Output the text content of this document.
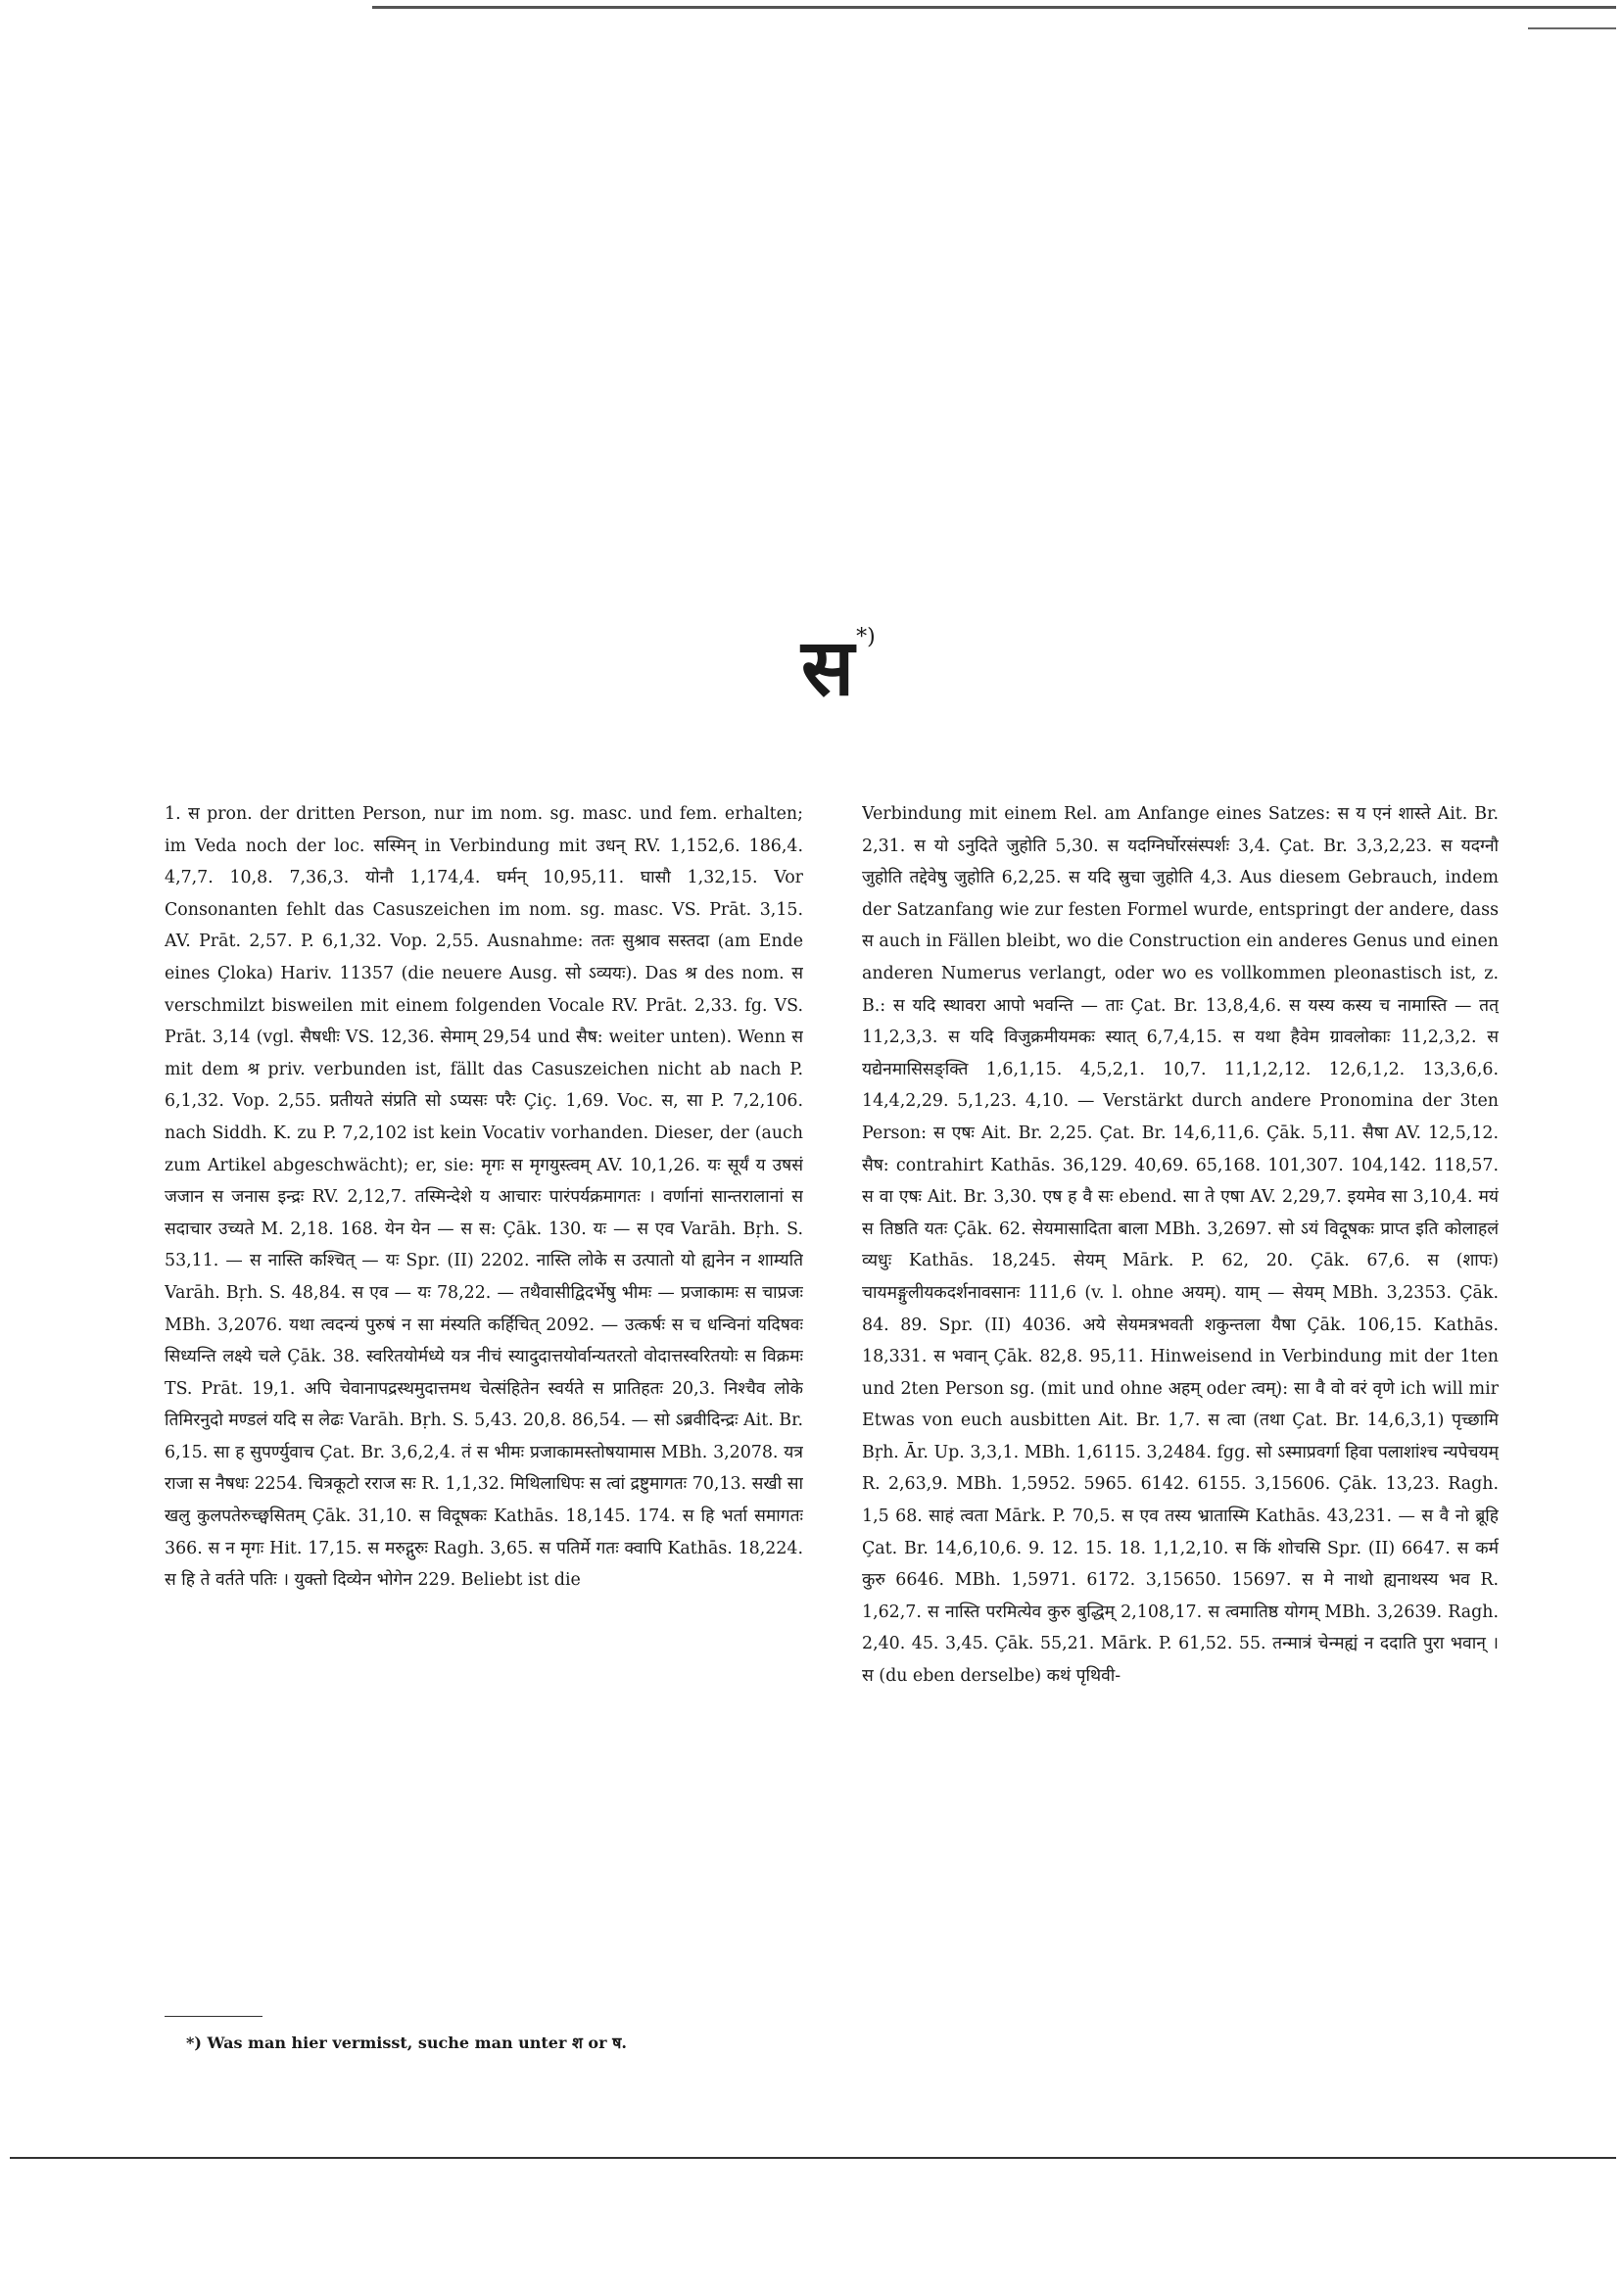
स*)

1. स pron. der dritten Person, nur im nom. sg. masc. und fem. erhalten; im Veda noch der loc. सस्मिन् in Verbindung mit उधन् RV. 1,152,6. 186,4. 4,7,7. 10,8. 7,36,3. योनौ 1,174,4. घर्मन् 10,95,11. घासौ 1,32,15. Vor Consonanten fehlt das Casuszeichen im nom. sg. masc. VS. Prāt. 3,15. AV. Prāt. 2,57. P. 6,1,32. Vop. 2,55. Ausnahme: ततः सुश्राव सस्तदा (am Ende eines Çloka) Hariv. 11357 (die neuere Ausg. सो ऽव्ययः). Das श्र des nom. स verschmilzt bisweilen mit einem folgenden Vocale RV. Prāt. 2,33. fg. VS. Prāt. 3,14 (vgl. सैषधीः VS. 12,36. सेमाम् 29,54 und सैष: weiter unten). Wenn स mit dem श्र priv. verbunden ist, fällt das Casuszeichen nicht ab nach P. 6,1,32. Vop. 2,55. प्रतीयते संप्रति सो ऽप्यसः परैः Çiç. 1,69. Voc. स, सा P. 7,2,106. nach Siddh. K. zu P. 7,2,102 ist kein Vocativ vorhanden. Dieser, der (auch zum Artikel abgeschwächt); er, sie: मृगः स मृगयुस्त्वम् AV. 10,1,26. यः सूर्यं य उषसं जजान स जनास इन्द्रः RV. 2,12,7. तस्मिन्देशे य आचारः पारंपर्यक्रमागतः । वर्णानां सान्तरालानां स सदाचार उच्यते M. 2,18. 168. येन येन — स स: Çāk. 130. यः — स एव Varāh. Bṛh. S. 53,11. — स नास्ति कश्चित् — यः Spr. (II) 2202. नास्ति लोके स उत्पातो यो ह्यनेन न शाम्यति Varāh. Bṛh. S. 48,84. स एव — यः 78,22. — तथैवासीद्विदर्भेषु भीमः — प्रजाकामः स चाप्रजः MBh. 3,2076. यथा त्वदन्यं पुरुषं न सा मंस्यति कर्हिचित् 2092. — उत्कर्षः स च धन्विनां यदिषवः सिध्यन्ति लक्ष्ये चले Çāk. 38. स्वरितयोर्मध्ये यत्र नीचं स्यादुदात्तयोर्वान्यतरतो वोदात्तस्वरितयोः स विक्रमः TS. Prāt. 19,1. अपि चेवानापद्रस्थमुदात्तमथ चेत्संहितेन स्वर्यते स प्रातिहतः 20,3. निश्चैव लोके तिमिरनुदो मण्डलं यदि स लेढः Varāh. Bṛh. S. 5,43. 20,8. 86,54. — सो ऽब्रवीदिन्द्रः Ait. Br. 6,15. सा ह सुपर्ण्युवाच Çat. Br. 3,6,2,4. तं स भीमः प्रजाकामस्तोषयामास MBh. 3,2078. यत्र राजा स नैषधः 2254. चित्रकूटो रराज सः R. 1,1,32. मिथिलाधिपः स त्वां द्रष्टुमागतः 70,13. सखी सा खलु कुलपतेरुच्छ्वसितम् Çāk. 31,10. स विदूषकः Kathās. 18,145. 174. स हि भर्ता समागतः 366. स न मृगः Hit. 17,15. स मरुद्गुरुः Ragh. 3,65. स पतिर्मे गतः क्वापि Kathās. 18,224. स हि ते वर्तते पतिः । युक्तो दिव्येन भोगेन 229. Beliebt ist die

Verbindung mit einem Rel. am Anfange eines Satzes: स य एनं शास्ते Ait. Br. 2,31. स यो ऽनुदिते जुहोति 5,30. स यदग्निर्घोरसंस्पर्शः 3,4. Çat. Br. 3,3,2,23. स यदग्नौ जुहोति तद्देवेषु जुहोति 6,2,25. स यदि स्रुचा जुहोति 4,3. Aus diesem Gebrauch, indem der Satzanfang wie zur festen Formel wurde, entspringt der andere, dass स auch in Fällen bleibt, wo die Construction ein anderes Genus und einen anderen Numerus verlangt, oder wo es vollkommen pleonastisch ist, z. B.: स यदि स्थावरा आपो भवन्ति — ताः Çat. Br. 13,8,4,6. स यस्य कस्य च नामास्ति — तत् 11,2,3,3. स यदि विजुक्रमीयमकः स्यात् 6,7,4,15. स यथा हैवेम ग्रावलोकाः 11,2,3,2. स यद्येनमासिसङ्क्ति 1,6,1,15. 4,5,2,1. 10,7. 11,1,2,12. 12,6,1,2. 13,3,6,6. 14,4,2,29. 5,1,23. 4,10. — Verstärkt durch andere Pronomina der 3ten Person: स एषः Ait. Br. 2,25. Çat. Br. 14,6,11,6. Çāk. 5,11. सैषा AV. 12,5,12. सैष: contrahirt Kathās. 36,129. 40,69. 65,168. 101,307. 104,142. 118,57. स वा एषः Ait. Br. 3,30. एष ह वै सः ebend. सा ते एषा AV. 2,29,7. इयमेव सा 3,10,4. मयं स तिष्ठति यतः Çāk. 62. सेयमासादिता बाला MBh. 3,2697. सो ऽयं विदूषकः प्राप्त इति कोलाहलं व्यधुः Kathās. 18,245. सेयम् Mārk. P. 62, 20. Çāk. 67,6. स (शापः) चायमङ्गुलीयकदर्शनावसानः 111,6 (v. l. ohne अयम्). याम् — सेयम् MBh. 3,2353. Çāk. 84. 89. Spr. (II) 4036. अये सेयमत्रभवती शकुन्तला यैषा Çāk. 106,15. Kathās. 18,331. स भवान् Çāk. 82,8. 95,11. Hinweisend in Verbindung mit der 1ten und 2ten Person sg. (mit und ohne अहम् oder त्वम्): सा वै वो वरं वृणे ich will mir Etwas von euch ausbitten Ait. Br. 1,7. स त्वा (तथा Çat. Br. 14,6,3,1) पृच्छामि Bṛh. Ār. Up. 3,3,1. MBh. 1,6115. 3,2484. fgg. सो ऽस्माप्रवर्गा हिवा पलाशांश्च न्यपेचयम् R. 2,63,9. MBh. 1,5952. 5965. 6142. 6155. 3,15606. Çāk. 13,23. Ragh. 1,5 68. साहं त्वता Mārk. P. 70,5. स एव तस्य भ्रातास्मि Kathās. 43,231. — स वै नो ब्रूहि Çat. Br. 14,6,10,6. 9. 12. 15. 18. 1,1,2,10. स किं शोचसि Spr. (II) 6647. स कर्म कुरु 6646. MBh. 1,5971. 6172. 3,15650. 15697. स मे नाथो ह्यनाथस्य भव R. 1,62,7. स नास्ति परमित्येव कुरु बुद्धिम् 2,108,17. स त्वमातिष्ठ योगम् MBh. 3,2639. Ragh. 2,40. 45. 3,45. Çāk. 55,21. Mārk. P. 61,52. 55. तन्मात्रं चेन्मह्यं न ददाति पुरा भवान् । स (du eben derselbe) कथं पृथिवी-

*) Was man hier vermisst, suche man unter श or ष.
